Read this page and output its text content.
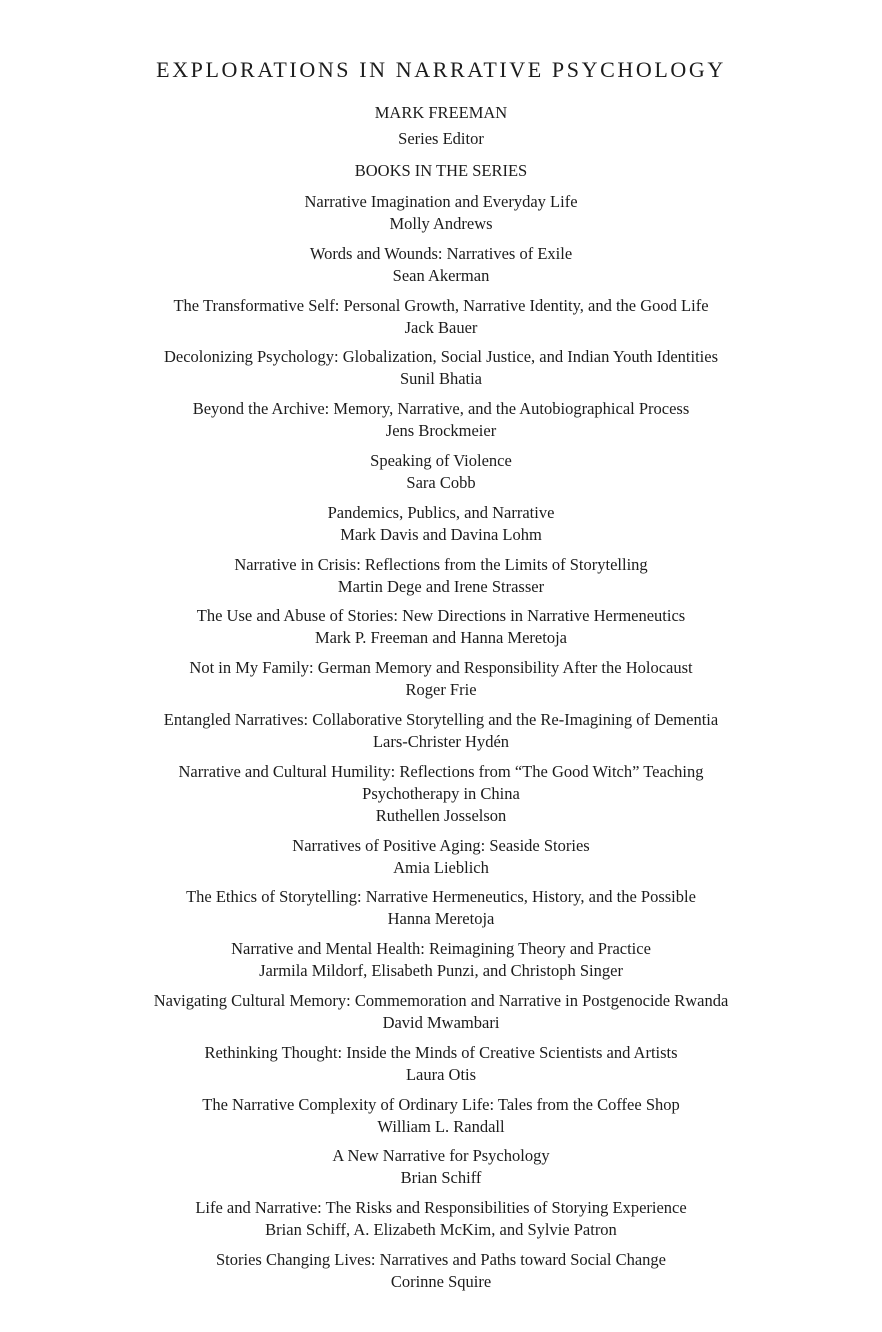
EXPLORATIONS IN NARRATIVE PSYCHOLOGY
MARK FREEMAN
Series Editor
BOOKS IN THE SERIES
Narrative Imagination and Everyday Life
Molly Andrews
Words and Wounds: Narratives of Exile
Sean Akerman
The Transformative Self: Personal Growth, Narrative Identity, and the Good Life
Jack Bauer
Decolonizing Psychology: Globalization, Social Justice, and Indian Youth Identities
Sunil Bhatia
Beyond the Archive: Memory, Narrative, and the Autobiographical Process
Jens Brockmeier
Speaking of Violence
Sara Cobb
Pandemics, Publics, and Narrative
Mark Davis and Davina Lohm
Narrative in Crisis: Reflections from the Limits of Storytelling
Martin Dege and Irene Strasser
The Use and Abuse of Stories: New Directions in Narrative Hermeneutics
Mark P. Freeman and Hanna Meretoja
Not in My Family: German Memory and Responsibility After the Holocaust
Roger Frie
Entangled Narratives: Collaborative Storytelling and the Re-Imagining of Dementia
Lars-Christer Hydén
Narrative and Cultural Humility: Reflections from “The Good Witch” Teaching
Psychotherapy in China
Ruthellen Josselson
Narratives of Positive Aging: Seaside Stories
Amia Lieblich
The Ethics of Storytelling: Narrative Hermeneutics, History, and the Possible
Hanna Meretoja
Narrative and Mental Health: Reimagining Theory and Practice
Jarmila Mildorf, Elisabeth Punzi, and Christoph Singer
Navigating Cultural Memory: Commemoration and Narrative in Postgenocide Rwanda
David Mwambari
Rethinking Thought: Inside the Minds of Creative Scientists and Artists
Laura Otis
The Narrative Complexity of Ordinary Life: Tales from the Coffee Shop
William L. Randall
A New Narrative for Psychology
Brian Schiff
Life and Narrative: The Risks and Responsibilities of Storying Experience
Brian Schiff, A. Elizabeth McKim, and Sylvie Patron
Stories Changing Lives: Narratives and Paths toward Social Change
Corinne Squire
